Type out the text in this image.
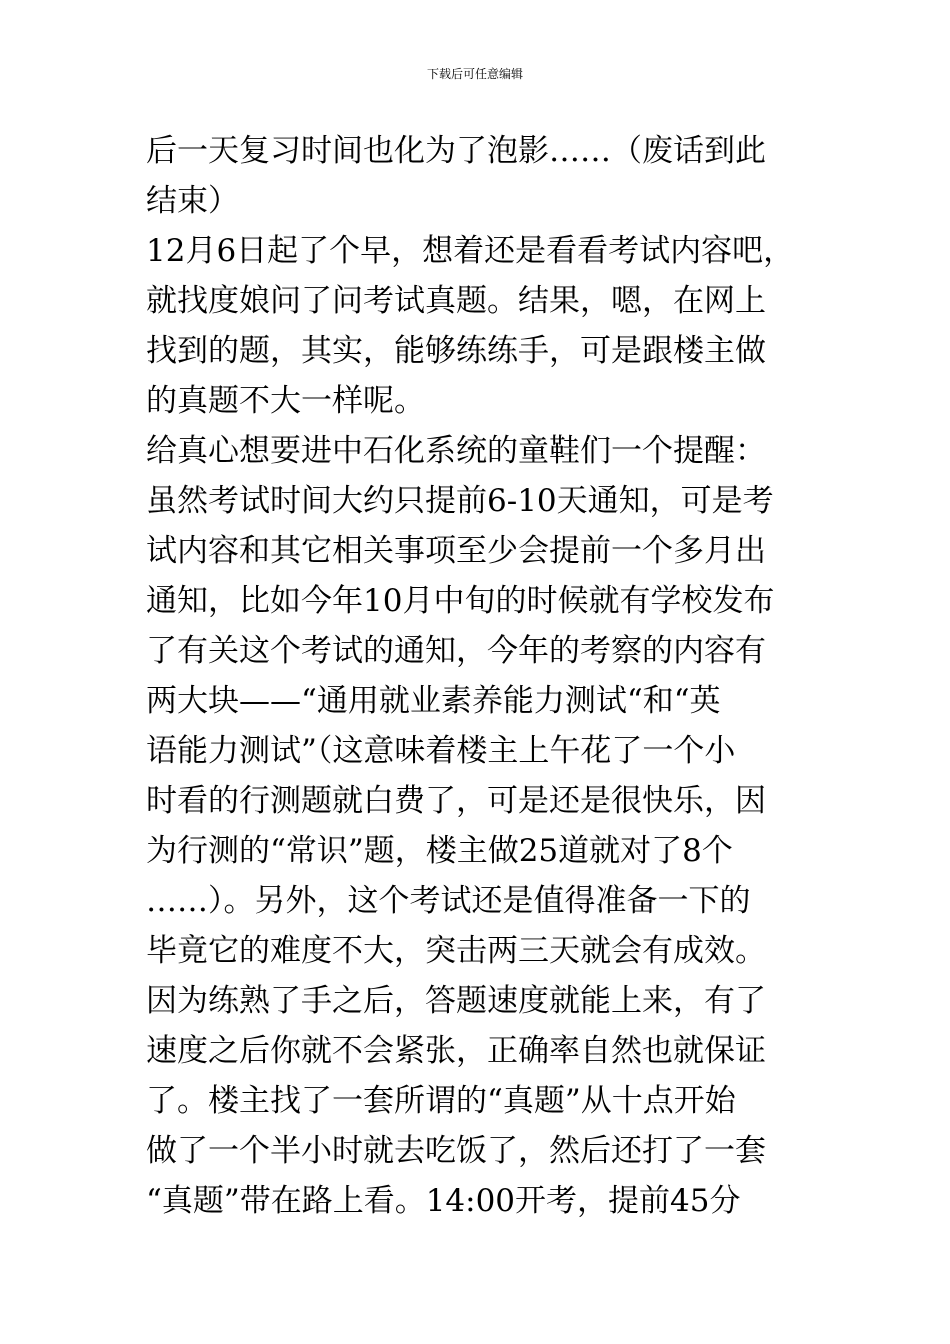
下载后可任意编辑
后一天复习时间也化为了泡影……（废话到此
结束）
12月6日起了个早，想着还是看看考试内容吧，
就找度娘问了问考试真题。结果，嗯，在网上
找到的题，其实，能够练练手，可是跟楼主做
的真题不大一样呢。
给真心想要进中石化系统的童鞋们一个提醒：
虽然考试时间大约只提前6-10天通知，可是考
试内容和其它相关事项至少会提前一个多月出
通知，比如今年10月中旬的时候就有学校发布
了有关这个考试的通知，今年的考察的内容有
两大块——“通用就业素养能力测试“和“英
语能力测试”（这意味着楼主上午花了一个小
时看的行测题就白费了，可是还是很快乐，因
为行测的“常识”题，楼主做25道就对了8个
……）。另外，这个考试还是值得准备一下的
毕竟它的难度不大，突击两三天就会有成效。
因为练熟了手之后，答题速度就能上来，有了
速度之后你就不会紧张，正确率自然也就保证
了。楼主找了一套所谓的“真题”从十点开始
做了一个半小时就去吃饭了，然后还打了一套
“真题”带在路上看。14:00开考，提前45分
